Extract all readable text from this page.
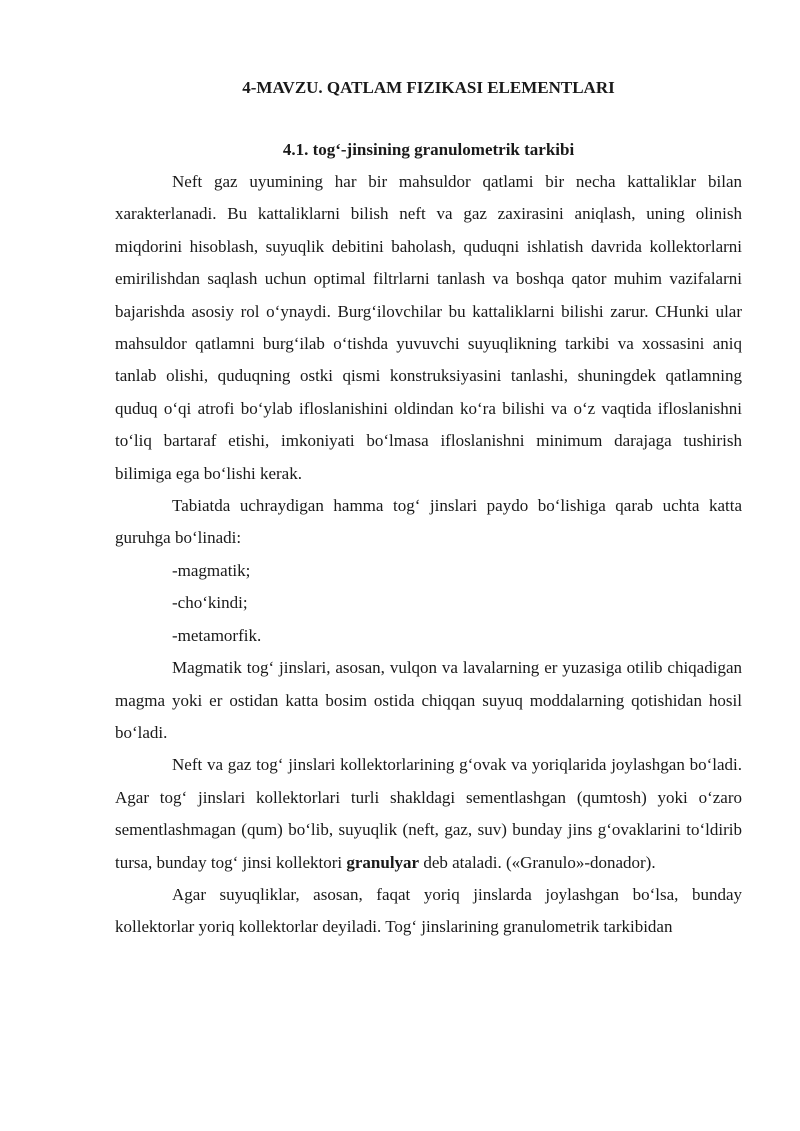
4-MAVZU. QATLAM FIZIKASI ELEMENTLARI
4.1. tog‘-jinsining granulometrik tarkibi

Neft gaz uyumining har bir mahsuldor qatlami bir necha kattaliklar bilan xarakterlanadi. Bu kattaliklarni bilish neft va gaz zaxirasini aniqlash, uning olinish miqdorini hisoblash, suyuqlik debitini baholash, quduqni ishlatish davrida kollektorlarni emirilishdan saqlash uchun optimal filtrlarni tanlash va boshqa qator muhim vazifalarni bajarishda asosiy rol o‘ynaydi. Burg‘ilovchilar bu kattaliklarni bilishi zarur. CHunki ular mahsuldor qatlamni burg‘ilab o‘tishda yuvuvchi suyuqlikning tarkibi va xossasini aniq tanlab olishi, quduqning ostki qismi konstruksiyasini tanlashi, shuningdek qatlamning quduq o‘qi atrofi bo‘ylab ifloslanishini oldindan ko‘ra bilishi va o‘z vaqtida ifloslanishni to‘liq bartaraf etishi, imkoniyati bo‘lmasa ifloslanishni minimum darajaga tushirish bilimiga ega bo‘lishi kerak.

Tabiatda uchraydigan hamma tog‘ jinslari paydo bo‘lishiga qarab uchta katta guruhga bo‘linadi:

-magmatik;

-cho‘kindi;

-metamorfik.

Magmatik tog‘ jinslari, asosan, vulqon va lavalarning er yuzasiga otilib chiqadigan magma yoki er ostidan katta bosim ostida chiqqan suyuq moddalarning qotishidan hosil bo‘ladi.

Neft va gaz tog‘ jinslari kollektorlarining g‘ovak va yoriqlarida joylashgan bo‘ladi. Agar tog‘ jinslari kollektorlari turli shakldagi sementlashgan (qumtosh) yoki o‘zaro sementlashmagan (qum) bo‘lib, suyuqlik (neft, gaz, suv) bunday jins g‘ovaklarini to‘ldirib tursa, bunday tog‘ jinsi kollektori granulyar deb ataladi. («Granulo»-donador).

Agar suyuqliklar, asosan, faqat yoriq jinslarda joylashgan bo‘lsa, bunday kollektorlar yoriq kollektorlar deyiladi. Tog‘ jinslarining granulometrik tarkibidan
